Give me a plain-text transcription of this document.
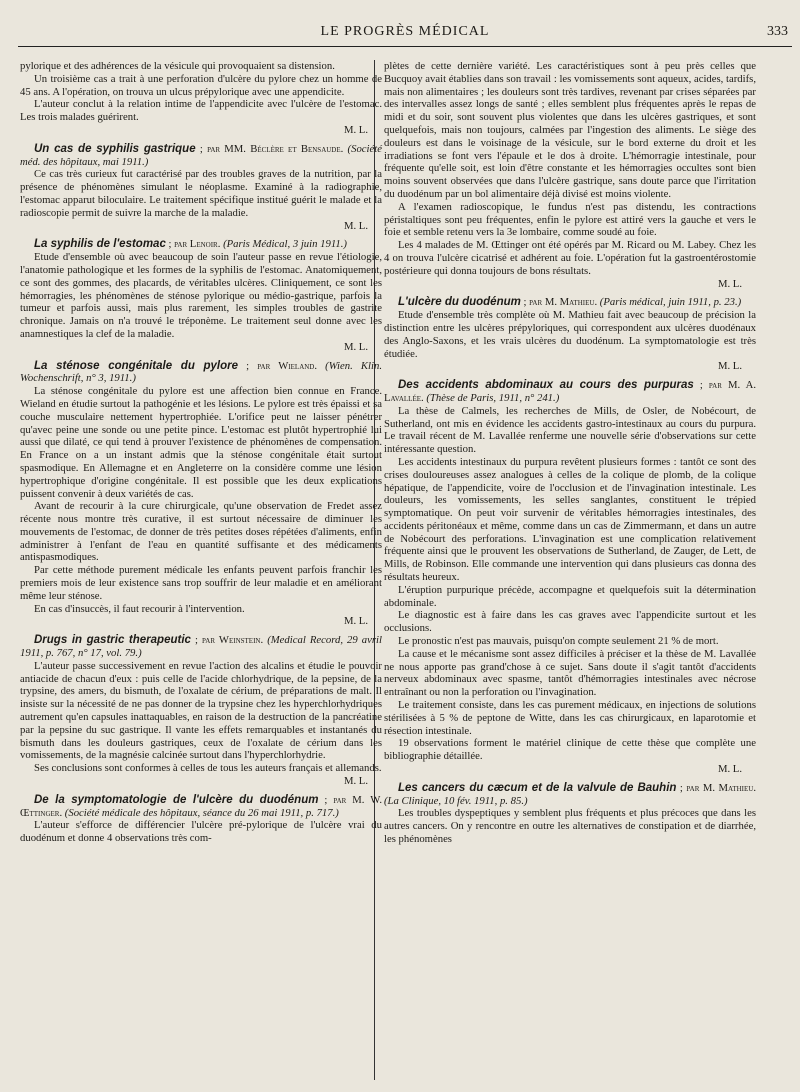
LE PROGRÈS MÉDICAL	333

pylorique et des adhérences de la vésicule qui provoquaient sa distension.

Un troisième cas a trait à une perforation d'ulcère du pylore chez un homme de 45 ans. A l'opération, on trouva un ulcus prépylorique avec une appendicite.

L'auteur conclut à la relation intime de l'appendicite avec l'ulcère de l'estomac. Les trois malades guérirent.

M. L.

Un cas de syphilis gastrique ; par MM. Béclère et Bensaude. (Société méd. des hôpitaux, mai 1911.)

Ce cas très curieux fut caractérisé par des troubles graves de la nutrition, par la présence de phénomènes simulant le néoplasme. Examiné à la radiographie, l'estomac apparut biloculaire. Le traitement spécifique institué guérit le malade et la radioscopie permit de suivre la marche de la maladie.

M. L.

La syphilis de l'estomac ; par Lenoir. (Paris Médical, 3 juin 1911.)

Etude d'ensemble où avec beaucoup de soin l'auteur passe en revue l'étiologie, l'anatomie pathologique et les formes de la syphilis de l'estomac. Anatomiquement, ce sont des gommes, des placards, de véritables ulcères. Cliniquement, ce sont les hémorragies, les phénomènes de sténose pylorique ou médio-gastrique, parfois la tumeur et parfois aussi, mais plus rarement, les simples troubles de gastrite chronique. Jamais on n'a trouvé le tréponème. Le traitement seul donne avec les anamnestiques la clef de la maladie.

M. L.

La sténose congénitale du pylore ; par Wieland. (Wien. Klin. Wochenschrift, n° 3, 1911.)

La sténose congénitale du pylore est une affection bien connue en France. Wieland en étudie surtout la pathogénie et les lésions. Le pylore est très épaissi et sa couche musculaire nettement hypertrophiée. L'orifice peut ne laisser pénétrer qu'avec peine une sonde ou une petite pince. L'estomac est plutôt hypertrophié lui aussi que dilaté, ce qui tend à prouver l'existence de phénomènes de compensation. En France on a un instant admis que la sténose congénitale était surtout spasmodique. En Allemagne et en Angleterre on la considère comme une lésion hypertrophique d'origine congénitale. Il est possible que les deux explications puissent convenir à deux variétés de cas.

Avant de recourir à la cure chirurgicale, qu'une observation de Fredet assez récente nous montre très curative, il est surtout nécessaire de diminuer les mouvements de l'estomac, de donner de très petites doses répétées d'aliments, enfin administrer à l'enfant de l'eau en quantité suffisante et des médicaments antispasmodiques.

Par cette méthode purement médicale les enfants peuvent parfois franchir les premiers mois de leur existence sans trop souffrir de leur maladie et en améliorant même leur sténose.

En cas d'insuccès, il faut recourir à l'intervention.

M. L.

Drugs in gastric therapeutic ; par Weinstein. (Medical Record, 29 avril 1911, p. 767, n° 17, vol. 79.)

L'auteur passe successivement en revue l'action des alcalins et étudie le pouvoir antiacide de chacun d'eux : puis celle de l'acide chlorhydrique, de la pepsine, de la trypsine, des amers, du bismuth, de l'oxalate de cérium, de préparations de malt. Il insiste sur la nécessité de ne pas donner de la trypsine chez les hyperchlorhydriques autrement qu'en capsules inattaquables, en raison de la destruction de la pancréatine par la pepsine du suc gastrique. Il vante les effets remarquables et instantanés du bismuth dans les douleurs gastriques, ceux de l'oxalate de cérium dans les vomissements, de la magnésie calcinée surtout dans l'hyperchlorhydrie.

Ses conclusions sont conformes à celles de tous les auteurs français et allemands.

M. L.

De la symptomatologie de l'ulcère du duodénum ; par M. W. Œttinger. (Société médicale des hôpitaux, séance du 26 mai 1911, p. 717.)

L'auteur s'efforce de différencier l'ulcère pré-pylorique de l'ulcère vrai du duodénum et donne 4 observations très com-

plètes de cette dernière variété. Les caractéristiques sont à peu près celles que Bucquoy avait établies dans son travail : les vomissements sont aqueux, acides, tardifs, mais non alimentaires ; les douleurs sont très tardives, revenant par crises séparées par des intervalles assez longs de santé ; elles semblent plus fréquentes après le repas de midi et du soir, sont souvent plus violentes que dans les ulcères gastriques, et sont quelquefois, mais non toujours, calmées par l'ingestion des aliments. Le siège des douleurs est dans le voisinage de la vésicule, sur le bord externe du droit et les irradiations se font vers l'épaule et le dos à droite. L'hémorragie intestinale, pour fréquente qu'elle soit, est loin d'être constante et les hémorragies occultes sont bien moins souvent observées que dans l'ulcère gastrique, sans doute parce que l'irritation du duodénum par un bol alimentaire déjà divisé est moins violente.

A l'examen radioscopique, le fundus n'est pas distendu, les contractions péristaltiques sont peu fréquentes, enfin le pylore est attiré vers la gauche et vers le foie et semble retenu vers la 3e lombaire, comme soudé au foie.

Les 4 malades de M. Œttinger ont été opérés par M. Ricard ou M. Labey. Chez les 4 on trouva l'ulcère cicatrisé et adhérent au foie. L'opération fut la gastroentérostomie postérieure qui donna toujours de bons résultats.

M. L.

L'ulcère du duodénum ; par M. Mathieu. (Paris médical, juin 1911, p. 23.)

Etude d'ensemble très complète où M. Mathieu fait avec beaucoup de précision la distinction entre les ulcères prépyloriques, qui correspondent aux ulcères duodénaux des Anglo-Saxons, et les vrais ulcères du duodénum. La symptomatologie est très étudiée.

M. L.

Des accidents abdominaux au cours des purpuras ; par M. A. Lavallée. (Thèse de Paris, 1911, n° 241.)

La thèse de Calmels, les recherches de Mills, de Osler, de Nobécourt, de Sutherland, ont mis en évidence les accidents gastro-intestinaux au cours du purpura. Le travail récent de M. Lavallée renferme une nouvelle série d'observations sur cette intéressante question.

Les accidents intestinaux du purpura revêtent plusieurs formes : tantôt ce sont des crises douloureuses assez analogues à celles de la colique de plomb, de la colique hépatique, de l'appendicite, voire de l'occlusion et de l'invagination intestinale. Les douleurs, les vomissements, les selles sanglantes, constituent le trépied symptomatique. On peut voir survenir de véritables hémorragies intestinales, des accidents péritonéaux et même, comme dans un cas de Zimmermann, et dans un autre de Nobécourt des perforations. L'invagination est une complication relativement fréquente ainsi que le prouvent les observations de Sutherland, de Zauger, de Lett, de Mills, de Robinson. Elle commande une intervention qui dans plusieurs cas donna des résultats heureux.

L'éruption purpurique précède, accompagne et quelquefois suit la détermination abdominale.

Le diagnostic est à faire dans les cas graves avec l'appendicite surtout et les occlusions.

Le pronostic n'est pas mauvais, puisqu'on compte seulement 21 % de mort.

La cause et le mécanisme sont assez difficiles à préciser et la thèse de M. Lavallée ne nous apporte pas grand'chose à ce sujet. Sans doute il s'agit tantôt d'accidents nerveux abdominaux avec spasme, tantôt d'hémorragies intestinales avec nécrose entraînant ou non la perforation ou l'invagination.

Le traitement consiste, dans les cas purement médicaux, en injections de solutions stérilisées à 5 % de peptone de Witte, dans les cas chirurgicaux, en laparotomie et résection intestinale.

19 observations forment le matériel clinique de cette thèse que complète une bibliographie détaillée.

M. L.

Les cancers du cæcum et de la valvule de Bauhin ; par M. Mathieu. (La Clinique, 10 fév. 1911, p. 85.)

Les troubles dyspeptiques y semblent plus fréquents et plus précoces que dans les autres cancers. On y rencontre en outre les alternatives de constipation et de diarrhée, les phénomènes
